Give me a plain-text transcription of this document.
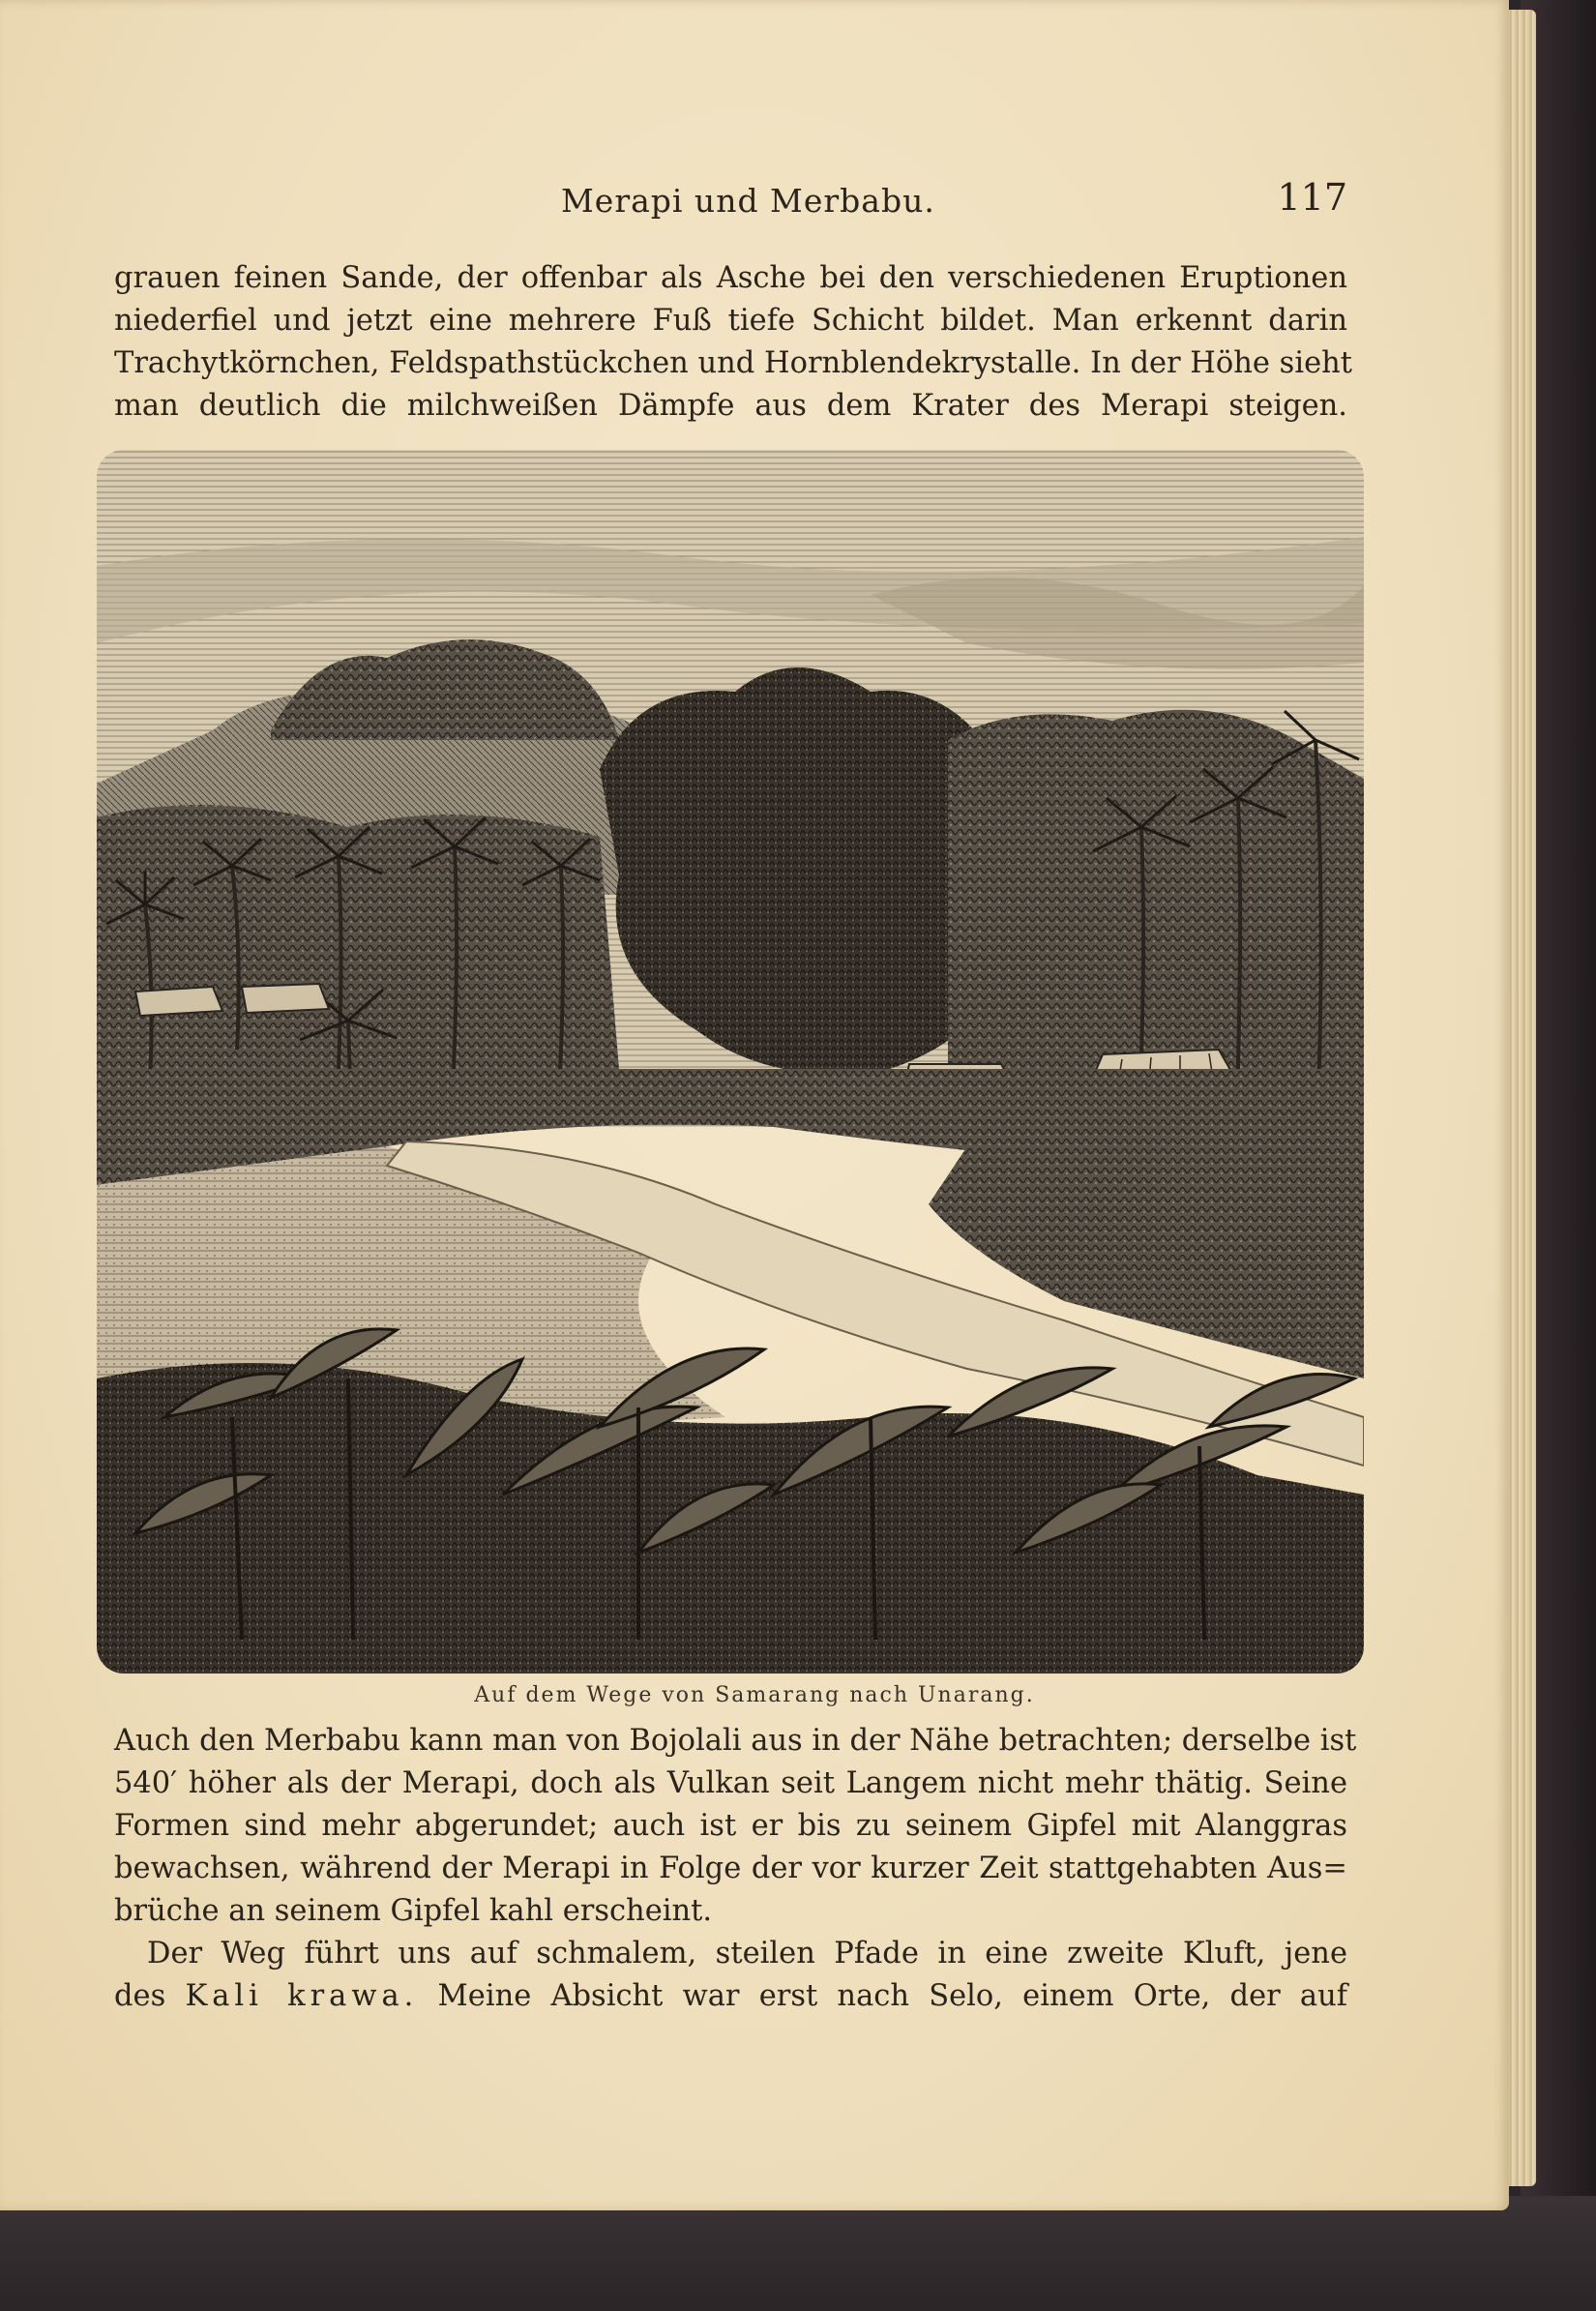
Merapi und Merbabu.	117
grauen feinen Sande, der offenbar als Asche bei den verschiedenen Eruptionen
niederfiel und jetzt eine mehrere Fuß tiefe Schicht bildet. Man erkennt darin
Trachytkörnchen, Feldspathstückchen und Hornblendekrystalle. In der Höhe sieht
man deutlich die milchweißen Dämpfe aus dem Krater des Merapi steigen.
Auf dem Wege von Samarang nach Unarang.
Auch den Merbabu kann man von Bojolali aus in der Nähe betrachten; derselbe ist
540′ höher als der Merapi, doch als Vulkan seit Langem nicht mehr thätig. Seine
Formen sind mehr abgerundet; auch ist er bis zu seinem Gipfel mit Alanggras
bewachsen, während der Merapi in Folge der vor kurzer Zeit stattgehabten Aus=
brüche an seinem Gipfel kahl erscheint.
Der Weg führt uns auf schmalem, steilen Pfade in eine zweite Kluft, jene
des Kali krawa. Meine Absicht war erst nach Selo, einem Orte, der auf
